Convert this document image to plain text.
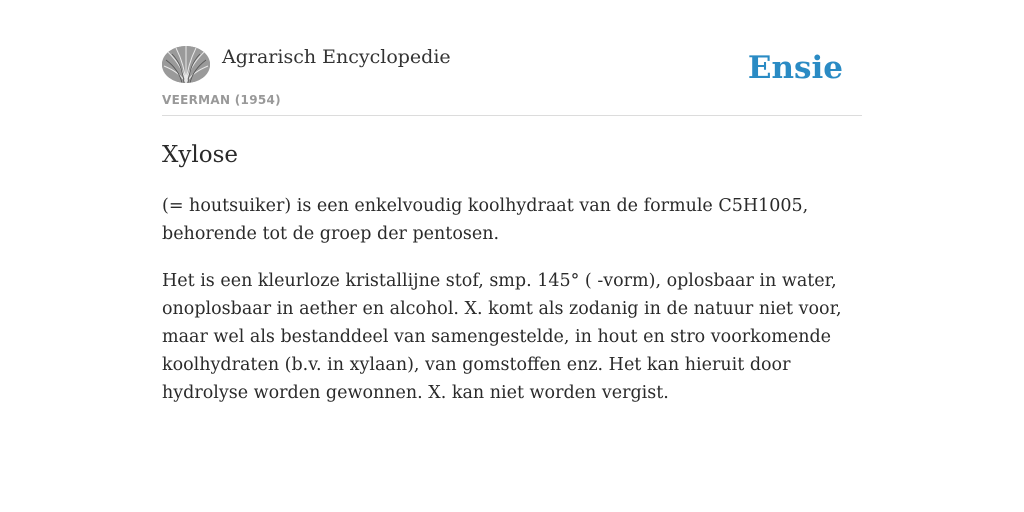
Agrarisch Encyclopedie
VEERMAN (1954)
Ensie
Xylose

(= houtsuiker) is een enkelvoudig koolhydraat van de formule C5H1005, behorende tot de groep der pentosen.

Het is een kleurloze kristallijne stof, smp. 145° ( -vorm), oplosbaar in water, onoplosbaar in aether en alcohol. X. komt als zodanig in de natuur niet voor, maar wel als bestanddeel van samengestelde, in hout en stro voorkomende koolhydraten (b.v. in xylaan), van gomstoffen enz. Het kan hieruit door hydrolyse worden gewonnen. X. kan niet worden vergist.
